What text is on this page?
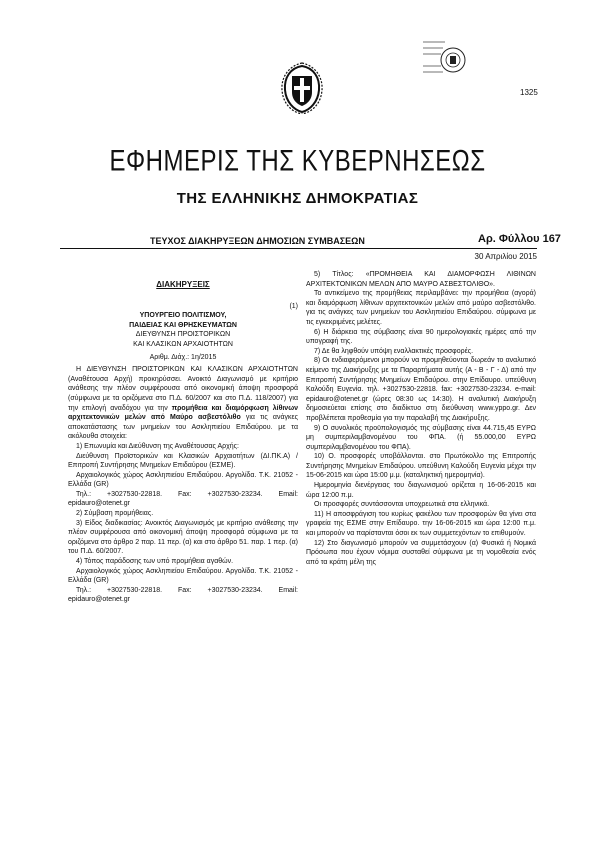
1325
ΕΦΗΜΕΡΙΣ ΤΗΣ ΚΥΒΕΡΝΗΣΕΩΣ
ΤΗΣ ΕΛΛΗΝΙΚΗΣ ΔΗΜΟΚΡΑΤΙΑΣ
ΤΕΥΧΟΣ ΔΙΑΚΗΡΥΞΕΩΝ ΔΗΜΟΣΙΩΝ ΣΥΜΒΑΣΕΩΝ	Αρ. Φύλλου 167
30 Απριλίου 2015

ΔΙΑΚΗΡΥΞΕΙΣ

(1)

ΥΠΟΥΡΓΕΙΟ ΠΟΛΙΤΙΣΜΟΥ,

ΠΑΙΔΕΙΑΣ ΚΑΙ ΘΡΗΣΚΕΥΜΑΤΩΝ

ΔΙΕΥΘΥΝΣΗ ΠΡΟΙΣΤΟΡΙΚΩΝ

ΚΑΙ ΚΛΑΣΙΚΩΝ ΑΡΧΑΙΟΤΗΤΩΝ

Αριθμ. Διάχ.: 1η/2015

Η ΔΙΕΥΘΥΝΣΗ ΠΡΟΙΣΤΟΡΙΚΩΝ ΚΑΙ ΚΛΑΣΙΚΩΝ ΑΡΧΑΙΟΤΗΤΩΝ (Αναθέτουσα Αρχή) προκηρύσσει. Ανοικτό Διαγωνισμό με κριτήριο ανάθεσης την πλέον συμφέρουσα από οικονομική άποψη προσφορά (σύμφωνα με τα οριζόμενα στο Π.Δ. 60/2007 και στο Π.Δ. 118/2007) για την επιλογή αναδόχου για την προμήθεια και διαμόρφωση λίθινων αρχιτεκτονικών μελών από Μαύρο ασβεστόλιθο για τις ανάγκες αποκατάστασης των μνημείων του Ασκληπιείου Επιδαύρου. με τα ακόλουθα στοιχεία:

1) Επωνυμία και Διεύθυνση της Αναθέτουσας Αρχής:

Διεύθυνση Προϊστορικών και Κλασικών Αρχαιοτήτων (ΔΙ.ΠΚ.Α) /Επιτροπή Συντήρησης Μνημείων Επιδαύρου (ΕΣΜΕ).

Αρχαιολογικός χώρος Ασκληπιείου Επιδαύρου. Αργολίδα. Τ.Κ. 21052 - Ελλάδα (GR)

Τηλ.: +3027530-22818. Fax: +3027530-23234. Email: epidauro@otenet.gr

2) Σύμβαση προμήθειας.

3) Είδος διαδικασίας: Ανοικτός Διαγωνισμός με κριτήριο ανάθεσης την πλέον συμφέρουσα από οικονομική άποψη προσφορά σύμφωνα με τα οριζόμενα στο άρθρο 2 παρ. 11 περ. (α) και στο άρθρο 51. παρ. 1 περ. (α) του Π.Δ. 60/2007.

4) Τόπος παράδοσης των υπό προμήθεια αγαθών.

Αρχαιολογικός χώρος Ασκληπιείου Επιδαύρου. Αργολίδα. Τ.Κ. 21052 - Ελλάδα (GR)

Τηλ.: +3027530-22818. Fax: +3027530-23234. Email: epidauro@otenet.gr

5) Τίτλος: «ΠΡΟΜΗΘΕΙΑ ΚΑΙ ΔΙΑΜΟΡΦΩΣΗ ΛΙΘΙΝΩΝ ΑΡΧΙΤΕΚΤΟΝΙΚΩΝ ΜΕΛΩΝ ΑΠΟ ΜΑΥΡΟ ΑΣΒΕΣΤΟΛΙΘΟ».

Το αντικείμενο της προμήθειας περιλαμβάνει: την προμήθεια (αγορά) και διαμόρφωση λίθινων αρχιτεκτονικών μελών από μαύρο ασβεστόλιθο. για τις ανάγκες των μνημείων του Ασκληπιείου Επιδαύρου. σύμφωνα με τις εγκεκριμένες μελέτες.

6) Η διάρκεια της σύμβασης είναι 90 ημερολογιακές ημέρες από την υπογραφή της.

7) Δε θα ληφθούν υπόψη εναλλακτικές προσφορές.

8) Οι ενδιαφερόμενοι μπορούν να προμηθεύονται δωρεάν το αναλυτικό κείμενο της Διακήρυξης με τα Παραρτήματα αυτής (Α - Β - Γ - Δ) από την Επιτροπή Συντήρησης Μνημείων Επιδαύρου. στην Επίδαυρο. υπεύθυνη Καλούδη Ευγενία. τηλ. +3027530-22818. fax: +3027530-23234. e-mail: epidauro@otenet.gr (ώρες 08:30 ως 14:30). Η αναλυτική Διακήρυξη δημοσιεύεται επίσης στο διαδίκτυο στη διεύθυνση www.yppo.gr. Δεν προβλέπεται προθεσμία για την παραλαβή της Διακήρυξης.

9) Ο συνολικός προϋπολογισμός της σύμβασης είναι 44.715,45 ΕΥΡΩ μη συμπεριλαμβανομένου του ΦΠΑ. (ή 55.000,00 ΕΥΡΩ συμπεριλαμβανομένου του ΦΠΑ).

10) Ο. προσφορές υποβάλλονται. στο Πρωτόκολλο της Επιτροπής Συντήρησης Μνημείων Επιδαύρου. υπεύθυνη Καλούδη Ευγενία μέχρι την 15-06-2015 και ώρα 15:00 μ.μ. (καταληκτική ημερομηνία).

Ημερομηνία διενέργειας του διαγωνισμού ορίζεται η 16-06-2015 και ώρα 12:00 π.μ.

Οι προσφορές συντάσσονται υποχρεωτικά στα ελληνικά.

11) Η αποσφράγιση του κυρίως φακέλου των προσφορών θα γίνει στα γραφεία της ΕΣΜΕ στην Επίδαυρο. την 16-06-2015 και ώρα 12:00 π.μ. και μπορούν να παρίστανται όσοι εκ των συμμετεχόντων το επιθυμούν.

12) Στο διαγωνισμό μπορούν να συμμετάσχουν (α) Φυσικά ή Νομικά Πρόσωπα που έχουν νόμιμα συσταθεί σύμφωνα με τη νομοθεσία ενός από τα κράτη μέλη της
